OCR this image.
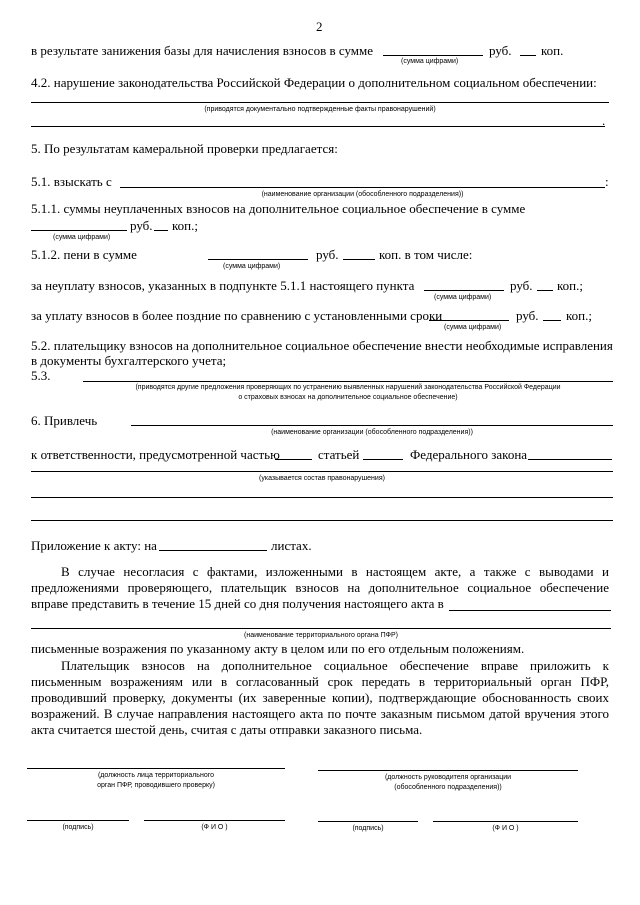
2
в результате занижения базы для начисления взносов в сумме	руб. коп.
(сумма цифрами)
4.2. нарушение законодательства Российской Федерации о дополнительном социальном обеспечении:
(приводятся документально подтвержденные факты правонарушений)
.
5. По результатам камеральной проверки предлагается:
5.1. взыскать с	:
(наименование организации (обособленного подразделения))
5.1.1. суммы неуплаченных взносов на дополнительное социальное обеспечение в сумме
руб. коп.;
(сумма цифрами)
5.1.2. пени в сумме	руб.	коп. в том числе:
(сумма цифрами)
за неуплату взносов, указанных в подпункте 5.1.1 настоящего пункта	руб. коп.;
(сумма цифрами)
за уплату взносов в более поздние по сравнению с установленными сроки	руб. коп.;
(сумма цифрами)
5.2. плательщику взносов на дополнительное социальное обеспечение внести необходимые исправления
в документы бухгалтерского учета;
5.3.
(приводятся другие предложения проверяющих по устранению выявленных нарушений законодательства Российской Федерации
о страховых взносах на дополнительное социальное обеспечение)
6. Привлечь
(наименование организации (обособленного подразделения))
к ответственности, предусмотренной частью	статьей	Федерального закона
(указывается состав правонарушения)
Приложение к акту: на	листах.
В случае несогласия с фактами, изложенными в настоящем акте, а также с выводами и предложениями проверяющего, плательщик взносов на дополнительное социальное обеспечение вправе представить в течение 15 дней со дня получения настоящего акта в
(наименование территориального органа ПФР)
письменные возражения по указанному акту в целом или по его отдельным положениям.
Плательщик взносов на дополнительное социальное обеспечение вправе приложить к письменным возражениям или в согласованный срок передать в территориальный орган ПФР, проводивший проверку, документы (их заверенные копии), подтверждающие обоснованность своих возражений. В случае направления настоящего акта по почте заказным письмом датой вручения этого акта считается шестой день, считая с даты отправки заказного письма.
(должность лица территориального
орган ПФР, проводившего проверку)
(должность руководителя организации
(обособленного подразделения))
(подпись)	(Ф И О )	(подпись)	(Ф И О )
